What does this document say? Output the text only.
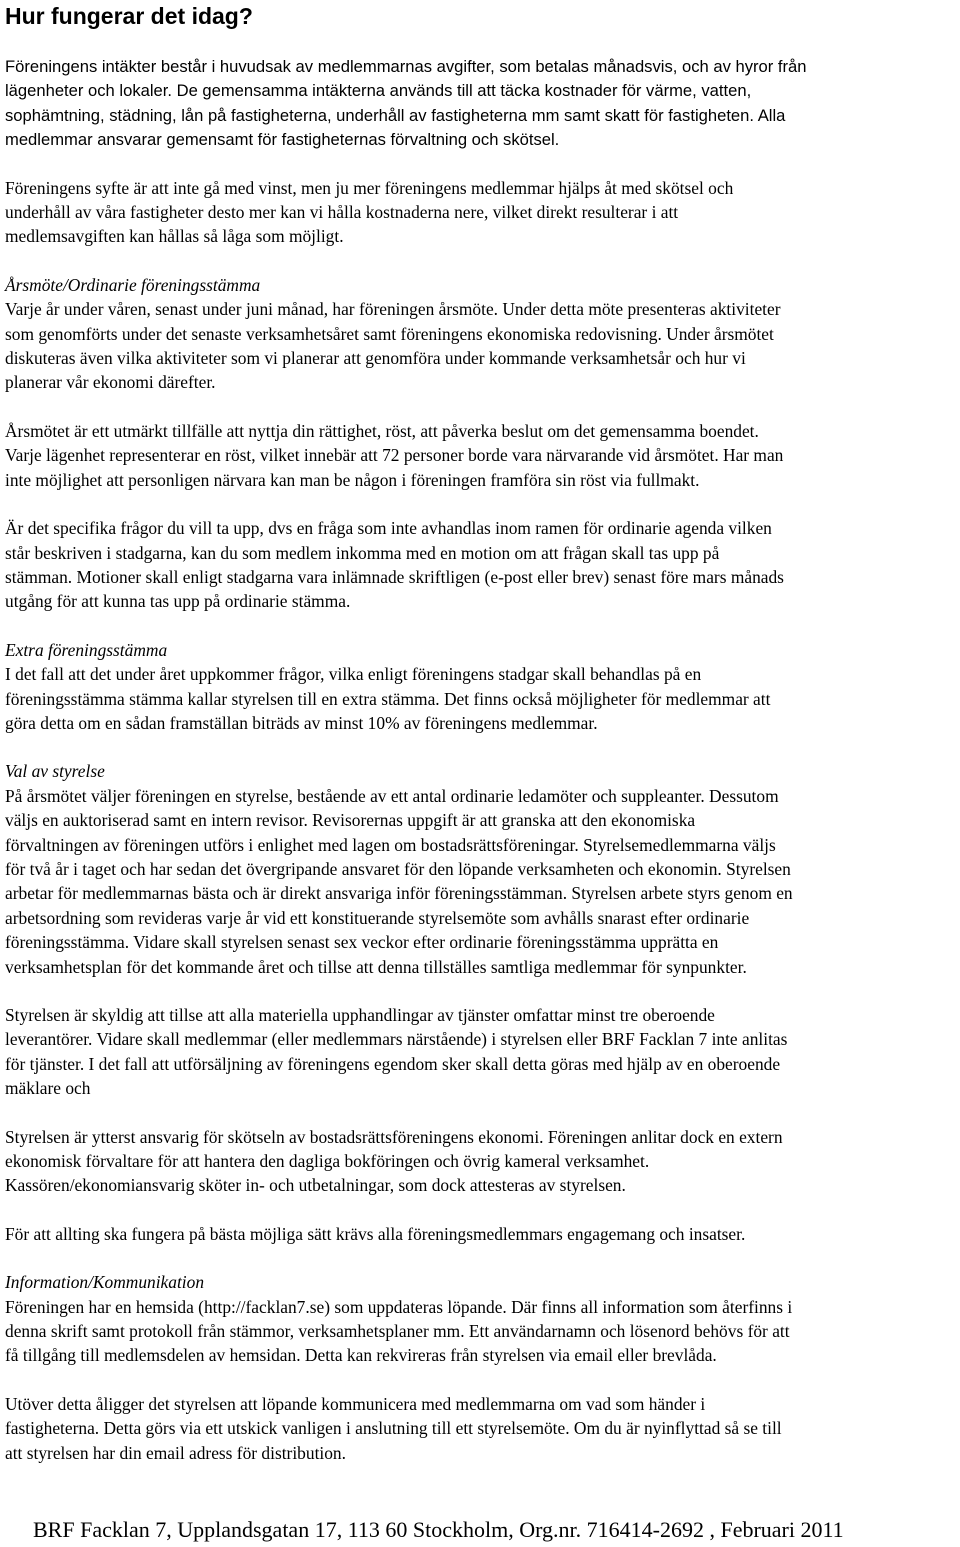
Hur fungerar det idag?
Föreningens intäkter består i huvudsak av medlemmarnas avgifter, som betalas månadsvis, och av hyror från
lägenheter och lokaler. De gemensamma intäkterna används till att täcka kostnader för värme, vatten,
sophämtning, städning, lån på fastigheterna, underhåll av fastigheterna mm samt skatt för fastigheten. Alla
medlemmar ansvarar gemensamt för fastigheternas förvaltning och skötsel.
Föreningens syfte är att inte gå med vinst, men ju mer föreningens medlemmar hjälps åt med skötsel och
underhåll av våra fastigheter desto mer kan vi hålla kostnaderna nere, vilket direkt resulterar i att
medlemsavgiften kan hållas så låga som möjligt.
Årsmöte/Ordinarie föreningsstämma
Varje år under våren, senast under juni månad, har föreningen årsmöte. Under detta möte presenteras aktiviteter
som genomförts under det senaste verksamhetsåret samt föreningens ekonomiska redovisning. Under årsmötet
diskuteras även vilka aktiviteter som vi planerar att genomföra under kommande verksamhetsår och hur vi
planerar vår ekonomi därefter.
Årsmötet är ett utmärkt tillfälle att nyttja din rättighet, röst, att påverka beslut om det gemensamma boendet.
Varje lägenhet representerar en röst, vilket innebär att 72 personer borde vara närvarande vid årsmötet. Har man
inte möjlighet att personligen närvara kan man be någon i föreningen framföra sin röst via fullmakt.
Är det specifika frågor du vill ta upp, dvs en fråga som inte avhandlas inom ramen för ordinarie agenda vilken
står beskriven i stadgarna, kan du som medlem inkomma med en motion om att frågan skall tas upp på
stämman. Motioner skall enligt stadgarna vara inlämnade skriftligen (e-post eller brev) senast före mars månads
utgång för att kunna tas upp på ordinarie stämma.
Extra föreningsstämma
I det fall att det under året uppkommer frågor, vilka enligt föreningens stadgar skall behandlas på en
föreningsstämma stämma kallar styrelsen till en extra stämma. Det finns också möjligheter för medlemmar att
göra detta om en sådan framställan biträds av minst 10% av föreningens medlemmar.
Val av styrelse
På årsmötet väljer föreningen en styrelse, bestående av ett antal ordinarie ledamöter och suppleanter. Dessutom
väljs en auktoriserad samt en intern revisor. Revisorernas uppgift är att granska att den ekonomiska
förvaltningen av föreningen utförs i enlighet med lagen om bostadsrättsföreningar. Styrelsemedlemmarna väljs
för två år i taget och har sedan det övergripande ansvaret för den löpande verksamheten och ekonomin. Styrelsen
arbetar för medlemmarnas bästa och är direkt ansvariga inför föreningsstämman. Styrelsen arbete styrs genom en
arbetsordning som revideras varje år vid ett konstituerande styrelsemöte som avhålls snarast efter ordinarie
föreningsstämma. Vidare skall styrelsen senast sex veckor efter ordinarie föreningsstämma upprätta en
verksamhetsplan för det kommande året och tillse att denna tillställes samtliga medlemmar för synpunkter.
Styrelsen är skyldig att tillse att alla materiella upphandlingar av tjänster omfattar minst tre oberoende
leverantörer. Vidare skall medlemmar (eller medlemmars närstående) i styrelsen eller BRF Facklan 7 inte anlitas
för tjänster. I det fall att utförsäljning av föreningens egendom sker skall detta göras med hjälp av en oberoende
mäklare och
Styrelsen är ytterst ansvarig för skötseln av bostadsrättsföreningens ekonomi. Föreningen anlitar dock en extern
ekonomisk förvaltare för att hantera den dagliga bokföringen och övrig kameral verksamhet.
Kassören/ekonomiansvarig sköter in- och utbetalningar, som dock attesteras av styrelsen.
För att allting ska fungera på bästa möjliga sätt krävs alla föreningsmedlemmars engagemang och insatser.
Information/Kommunikation
Föreningen har en hemsida (http://facklan7.se) som uppdateras löpande. Där finns all information som återfinns i
denna skrift samt protokoll från stämmor, verksamhetsplaner mm. Ett användarnamn och lösenord behövs för att
få tillgång till medlemsdelen av hemsidan. Detta kan rekvireras från styrelsen via email eller brevlåda.
Utöver detta åligger det styrelsen att löpande kommunicera med medlemmarna om vad som händer i
fastigheterna. Detta görs via ett utskick vanligen i anslutning till ett styrelsemöte. Om du är nyinflyttad så se till
att styrelsen har din email adress för distribution.
BRF Facklan 7, Upplandsgatan 17, 113 60 Stockholm, Org.nr. 716414-2692 , Februari 2011
